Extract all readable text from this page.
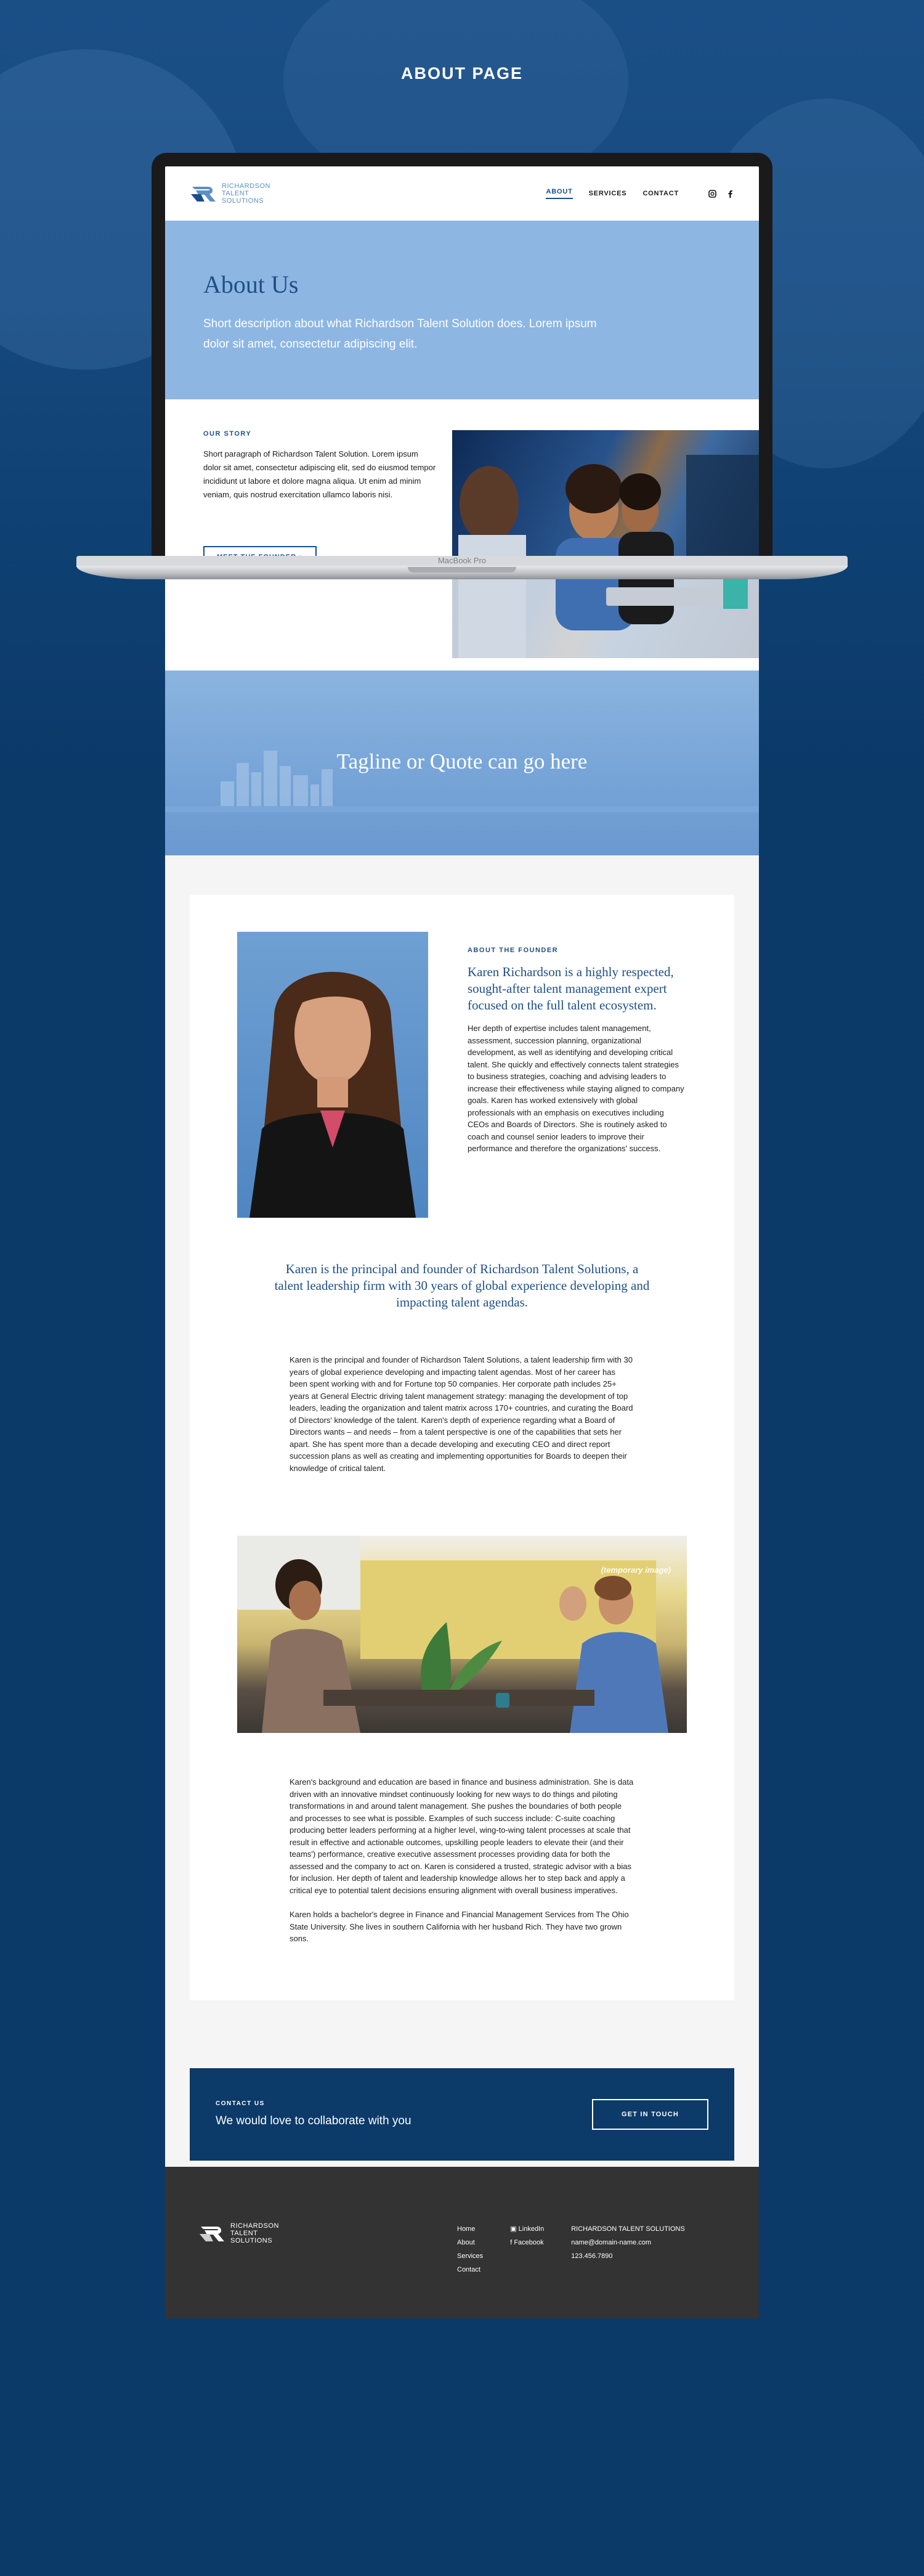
ABOUT PAGE
RICHARDSON
TALENT
SOLUTIONS
ABOUT SERVICES CONTACT
About Us

Short description about what Richardson Talent Solution does. Lorem ipsum dolor sit amet, consectetur adipiscing elit.

OUR STORY

Short paragraph of Richardson Talent Solution. Lorem ipsum dolor sit amet, consectetur adipiscing elit, sed do eiusmod tempor incididunt ut labore et dolore magna aliqua. Ut enim ad minim veniam, quis nostrud exercitation ullamco laboris nisi.

Tagline or Quote can go here

ABOUT THE FOUNDER
Karen Richardson is a highly respected, sought-after talent management expert focused on the full talent ecosystem.

Her depth of expertise includes talent management, assessment, succession planning, organizational development, as well as identifying and developing critical talent. She quickly and effectively connects talent strategies to business strategies, coaching and advising leaders to increase their effectiveness while staying aligned to company goals. Karen has worked extensively with global professionals with an emphasis on executives including CEOs and Boards of Directors. She is routinely asked to coach and counsel senior leaders to improve their performance and therefore the organizations' success.

Karen is the principal and founder of Richardson Talent Solutions, a talent leadership firm with 30 years of global experience developing and impacting talent agendas.

Karen is the principal and founder of Richardson Talent Solutions, a talent leadership firm with 30 years of global experience developing and impacting talent agendas. Most of her career has been spent working with and for Fortune top 50 companies. Her corporate path includes 25+ years at General Electric driving talent management strategy: managing the development of top leaders, leading the organization and talent matrix across 170+ countries, and curating the Board of Directors' knowledge of the talent. Karen's depth of experience regarding what a Board of Directors wants – and needs – from a talent perspective is one of the capabilities that sets her apart. She has spent more than a decade developing and executing CEO and direct report succession plans as well as creating and implementing opportunities for Boards to deepen their knowledge of critical talent.

(temporary image)

Karen's background and education are based in finance and business administration. She is data driven with an innovative mindset continuously looking for new ways to do things and piloting transformations in and around talent management. She pushes the boundaries of both people and processes to see what is possible. Examples of such success include: C-suite coaching producing better leaders performing at a higher level, wing-to-wing talent processes at scale that result in effective and actionable outcomes, upskilling people leaders to elevate their (and their teams') performance, creative executive assessment processes providing data for both the assessed and the company to act on. Karen is considered a trusted, strategic advisor with a bias for inclusion. Her depth of talent and leadership knowledge allows her to step back and apply a critical eye to potential talent decisions ensuring alignment with overall business imperatives.

Karen holds a bachelor's degree in Finance and Financial Management Services from The Ohio State University. She lives in southern California with her husband Rich. They have two grown sons.

CONTACT US
We would love to collaborate with you
GET IN TOUCH
RICHARDSON
TALENT
SOLUTIONS
Home
About
Services
Contact
▣ LinkedIn
f Facebook
RICHARDSON TALENT SOLUTIONS
name@domain-name.com
123.456.7890
MacBook Pro
